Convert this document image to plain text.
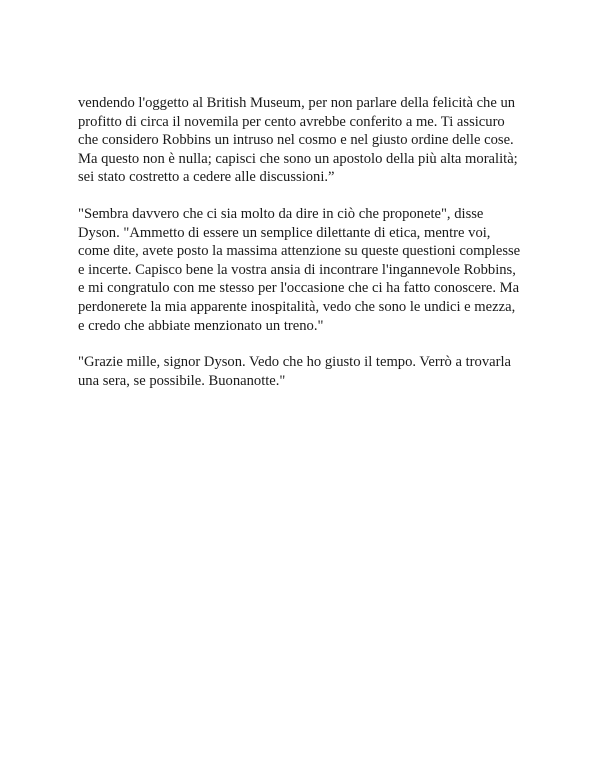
vendendo l'oggetto al British Museum, per non parlare della felicità che un
profitto di circa il novemila per cento avrebbe conferito a me. Ti assicuro
che considero Robbins un intruso nel cosmo e nel giusto ordine delle cose.
Ma questo non è nulla; capisci che sono un apostolo della più alta moralità;
sei stato costretto a cedere alle discussioni.”

"Sembra davvero che ci sia molto da dire in ciò che proponete", disse
Dyson. "Ammetto di essere un semplice dilettante di etica, mentre voi,
come dite, avete posto la massima attenzione su queste questioni complesse
e incerte. Capisco bene la vostra ansia di incontrare l'ingannevole Robbins,
e mi congratulo con me stesso per l'occasione che ci ha fatto conoscere. Ma
perdonerete la mia apparente inospitalità, vedo che sono le undici e mezza,
e credo che abbiate menzionato un treno."

"Grazie mille, signor Dyson. Vedo che ho giusto il tempo. Verrò a trovarla
una sera, se possibile. Buonanotte."
